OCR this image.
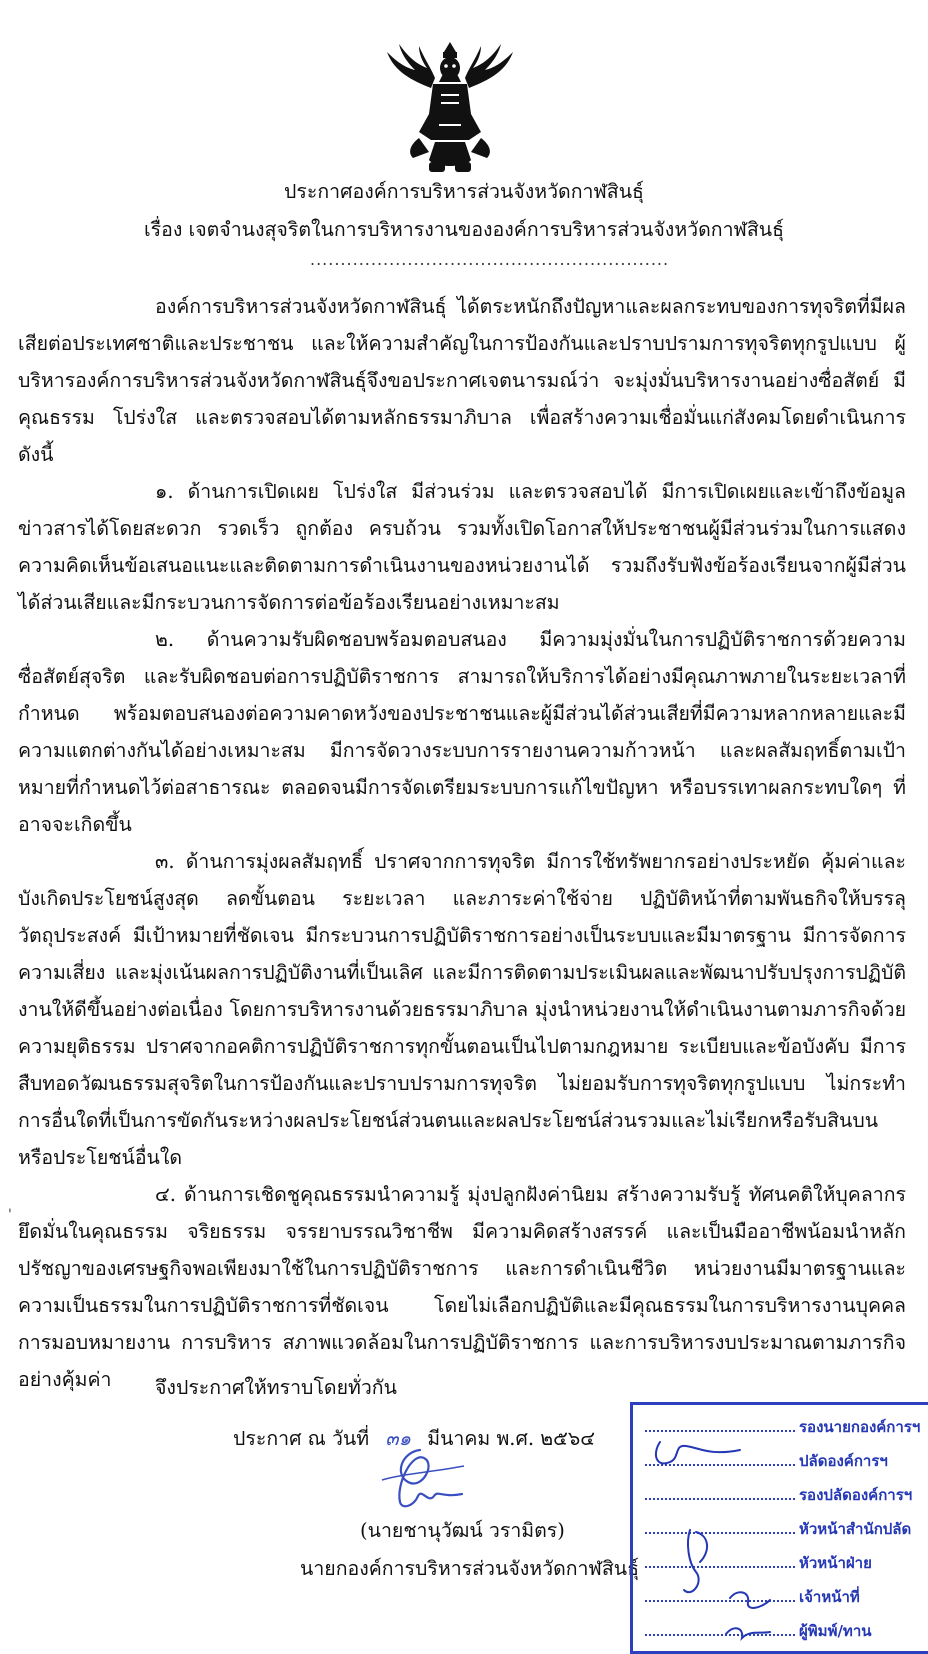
ประกาศองค์การบริหารส่วนจังหวัดกาฬสินธุ์
เรื่อง เจตจำนงสุจริตในการบริหารงานขององค์การบริหารส่วนจังหวัดกาฬสินธุ์
...........................................................

องค์การบริหารส่วนจังหวัดกาฬสินธุ์ ได้ตระหนักถึงปัญหาและผลกระทบของการทุจริตที่มีผลเสียต่อประเทศชาติและประชาชน และให้ความสำคัญในการป้องกันและปราบปรามการทุจริตทุกรูปแบบ ผู้บริหารองค์การบริหารส่วนจังหวัดกาฬสินธุ์จึงขอประกาศเจตนารมณ์ว่า จะมุ่งมั่นบริหารงานอย่างซื่อสัตย์ มีคุณธรรม โปร่งใส และตรวจสอบได้ตามหลักธรรมาภิบาล เพื่อสร้างความเชื่อมั่นแก่สังคมโดยดำเนินการ ดังนี้

๑. ด้านการเปิดเผย โปร่งใส มีส่วนร่วม และตรวจสอบได้ มีการเปิดเผยและเข้าถึงข้อมูลข่าวสารได้โดยสะดวก รวดเร็ว ถูกต้อง ครบถ้วน รวมทั้งเปิดโอกาสให้ประชาชนผู้มีส่วนร่วมในการแสดงความคิดเห็นข้อเสนอแนะและติดตามการดำเนินงานของหน่วยงานได้ รวมถึงรับฟังข้อร้องเรียนจากผู้มีส่วนได้ส่วนเสียและมีกระบวนการจัดการต่อข้อร้องเรียนอย่างเหมาะสม

๒. ด้านความรับผิดชอบพร้อมตอบสนอง มีความมุ่งมั่นในการปฏิบัติราชการด้วยความซื่อสัตย์สุจริต และรับผิดชอบต่อการปฏิบัติราชการ สามารถให้บริการได้อย่างมีคุณภาพภายในระยะเวลาที่กำหนด พร้อมตอบสนองต่อความคาดหวังของประชาชนและผู้มีส่วนได้ส่วนเสียที่มีความหลากหลายและมีความแตกต่างกันได้อย่างเหมาะสม มีการจัดวางระบบการรายงานความก้าวหน้า และผลสัมฤทธิ์ตามเป้าหมายที่กำหนดไว้ต่อสาธารณะ ตลอดจนมีการจัดเตรียมระบบการแก้ไขปัญหา หรือบรรเทาผลกระทบใดๆ ที่อาจจะเกิดขึ้น

๓. ด้านการมุ่งผลสัมฤทธิ์ ปราศจากการทุจริต มีการใช้ทรัพยากรอย่างประหยัด คุ้มค่าและบังเกิดประโยชน์สูงสุด ลดขั้นตอน ระยะเวลา และภาระค่าใช้จ่าย ปฏิบัติหน้าที่ตามพันธกิจให้บรรลุวัตถุประสงค์ มีเป้าหมายที่ชัดเจน มีกระบวนการปฏิบัติราชการอย่างเป็นระบบและมีมาตรฐาน มีการจัดการความเสี่ยง และมุ่งเน้นผลการปฏิบัติงานที่เป็นเลิศ และมีการติดตามประเมินผลและพัฒนาปรับปรุงการปฏิบัติงานให้ดีขึ้นอย่างต่อเนื่อง โดยการบริหารงานด้วยธรรมาภิบาล มุ่งนำหน่วยงานให้ดำเนินงานตามภารกิจด้วยความยุติธรรม ปราศจากอคติการปฏิบัติราชการทุกขั้นตอนเป็นไปตามกฎหมาย ระเบียบและข้อบังคับ มีการสืบทอดวัฒนธรรมสุจริตในการป้องกันและปราบปรามการทุจริต ไม่ยอมรับการทุจริตทุกรูปแบบ ไม่กระทำการอื่นใดที่เป็นการขัดกันระหว่างผลประโยชน์ส่วนตนและผลประโยชน์ส่วนรวมและไม่เรียกหรือรับสินบน หรือประโยชน์อื่นใด

๔. ด้านการเชิดชูคุณธรรมนำความรู้ มุ่งปลูกฝังค่านิยม สร้างความรับรู้ ทัศนคติให้บุคลากรยึดมั่นในคุณธรรม จริยธรรม จรรยาบรรณวิชาชีพ มีความคิดสร้างสรรค์ และเป็นมืออาชีพน้อมนำหลักปรัชญาของเศรษฐกิจพอเพียงมาใช้ในการปฏิบัติราชการ และการดำเนินชีวิต หน่วยงานมีมาตรฐานและความเป็นธรรมในการปฏิบัติราชการที่ชัดเจน โดยไม่เลือกปฏิบัติและมีคุณธรรมในการบริหารงานบุคคล การมอบหมายงาน การบริหาร สภาพแวดล้อมในการปฏิบัติราชการ และการบริหารงบประมาณตามภารกิจอย่างคุ้มค่า

'
จึงประกาศให้ทราบโดยทั่วกัน
ประกาศ ณ วันที่ ๓๑ มีนาคม พ.ศ. ๒๕๖๔
(นายชานุวัฒน์ วรามิตร)
นายกองค์การบริหารส่วนจังหวัดกาฬสินธุ์
รองนายกองค์การฯ
ปลัดองค์การฯ
รองปลัดองค์การฯ
หัวหน้าสำนักปลัด
หัวหน้าฝ่าย
เจ้าหน้าที่
ผู้พิมพ์/ทาน
